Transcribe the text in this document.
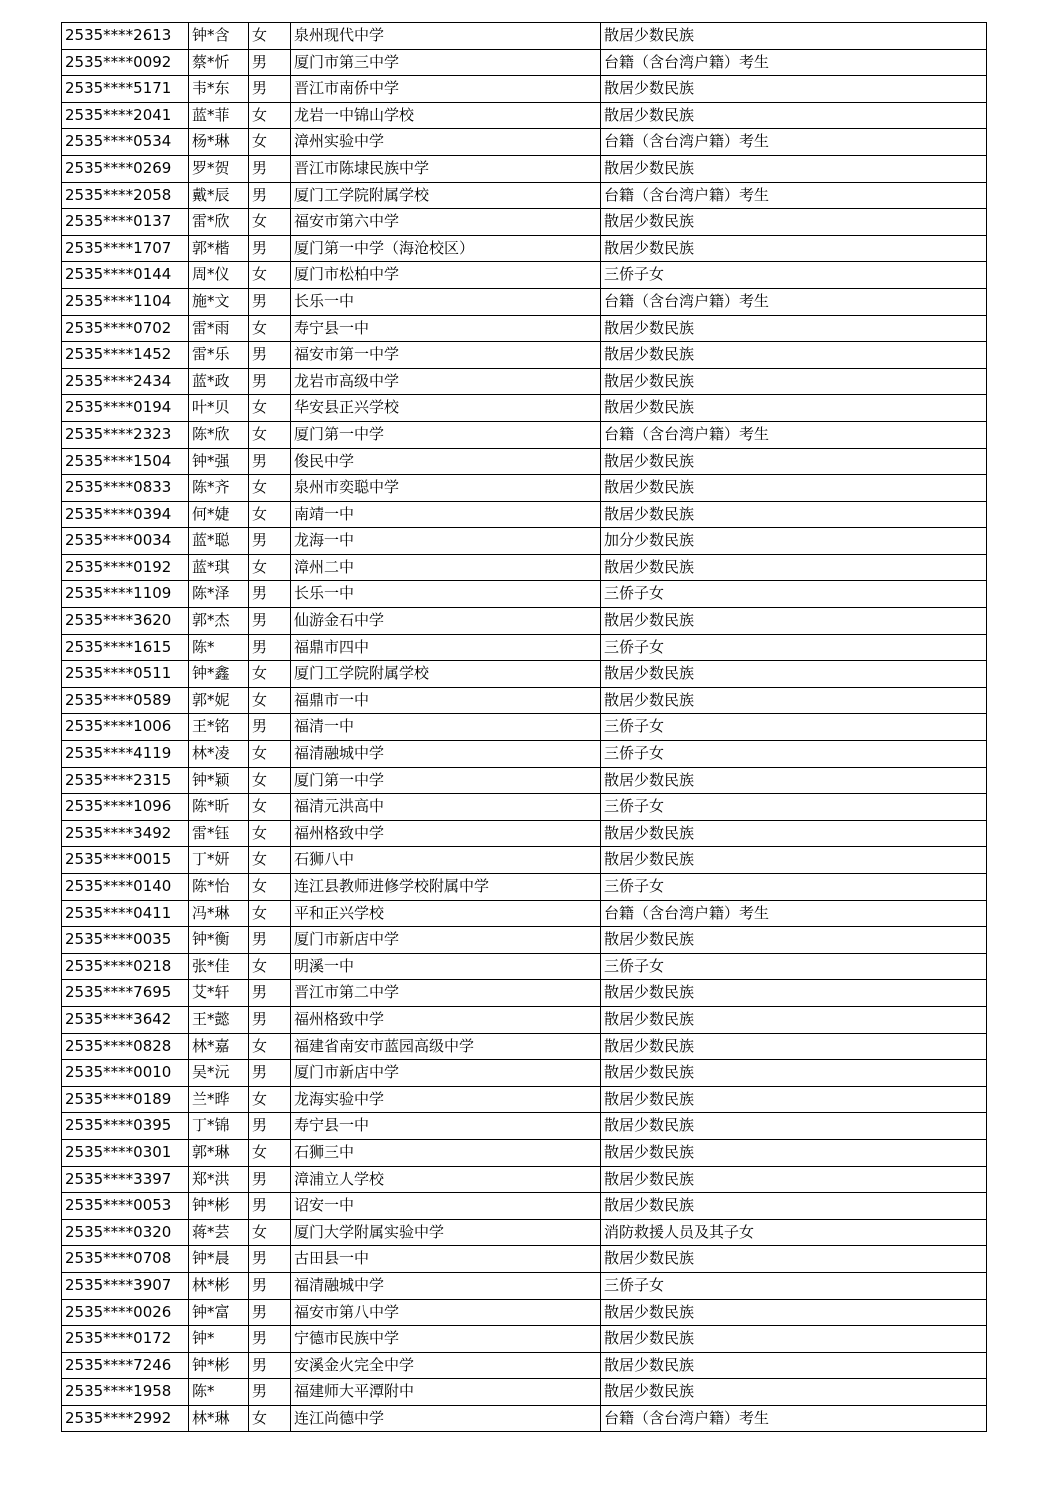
2535****2613	钟*含	女	泉州现代中学	散居少数民族
2535****0092	蔡*忻	男	厦门市第三中学	台籍（含台湾户籍）考生
2535****5171	韦*东	男	晋江市南侨中学	散居少数民族
2535****2041	蓝*菲	女	龙岩一中锦山学校	散居少数民族
2535****0534	杨*琳	女	漳州实验中学	台籍（含台湾户籍）考生
2535****0269	罗*贺	男	晋江市陈埭民族中学	散居少数民族
2535****2058	戴*辰	男	厦门工学院附属学校	台籍（含台湾户籍）考生
2535****0137	雷*欣	女	福安市第六中学	散居少数民族
2535****1707	郭*楷	男	厦门第一中学（海沧校区）	散居少数民族
2535****0144	周*仪	女	厦门市松柏中学	三侨子女
2535****1104	施*文	男	长乐一中	台籍（含台湾户籍）考生
2535****0702	雷*雨	女	寿宁县一中	散居少数民族
2535****1452	雷*乐	男	福安市第一中学	散居少数民族
2535****2434	蓝*政	男	龙岩市高级中学	散居少数民族
2535****0194	叶*贝	女	华安县正兴学校	散居少数民族
2535****2323	陈*欣	女	厦门第一中学	台籍（含台湾户籍）考生
2535****1504	钟*强	男	俊民中学	散居少数民族
2535****0833	陈*齐	女	泉州市奕聪中学	散居少数民族
2535****0394	何*婕	女	南靖一中	散居少数民族
2535****0034	蓝*聪	男	龙海一中	加分少数民族
2535****0192	蓝*琪	女	漳州二中	散居少数民族
2535****1109	陈*泽	男	长乐一中	三侨子女
2535****3620	郭*杰	男	仙游金石中学	散居少数民族
2535****1615	陈*	男	福鼎市四中	三侨子女
2535****0511	钟*鑫	女	厦门工学院附属学校	散居少数民族
2535****0589	郭*妮	女	福鼎市一中	散居少数民族
2535****1006	王*铭	男	福清一中	三侨子女
2535****4119	林*凌	女	福清融城中学	三侨子女
2535****2315	钟*颖	女	厦门第一中学	散居少数民族
2535****1096	陈*昕	女	福清元洪高中	三侨子女
2535****3492	雷*钰	女	福州格致中学	散居少数民族
2535****0015	丁*妍	女	石狮八中	散居少数民族
2535****0140	陈*怡	女	连江县教师进修学校附属中学	三侨子女
2535****0411	冯*琳	女	平和正兴学校	台籍（含台湾户籍）考生
2535****0035	钟*衡	男	厦门市新店中学	散居少数民族
2535****0218	张*佳	女	明溪一中	三侨子女
2535****7695	艾*轩	男	晋江市第二中学	散居少数民族
2535****3642	王*懿	男	福州格致中学	散居少数民族
2535****0828	林*嘉	女	福建省南安市蓝园高级中学	散居少数民族
2535****0010	吴*沅	男	厦门市新店中学	散居少数民族
2535****0189	兰*晔	女	龙海实验中学	散居少数民族
2535****0395	丁*锦	男	寿宁县一中	散居少数民族
2535****0301	郭*琳	女	石狮三中	散居少数民族
2535****3397	郑*洪	男	漳浦立人学校	散居少数民族
2535****0053	钟*彬	男	诏安一中	散居少数民族
2535****0320	蒋*芸	女	厦门大学附属实验中学	消防救援人员及其子女
2535****0708	钟*晨	男	古田县一中	散居少数民族
2535****3907	林*彬	男	福清融城中学	三侨子女
2535****0026	钟*富	男	福安市第八中学	散居少数民族
2535****0172	钟*	男	宁德市民族中学	散居少数民族
2535****7246	钟*彬	男	安溪金火完全中学	散居少数民族
2535****1958	陈*	男	福建师大平潭附中	散居少数民族
2535****2992	林*琳	女	连江尚德中学	台籍（含台湾户籍）考生
